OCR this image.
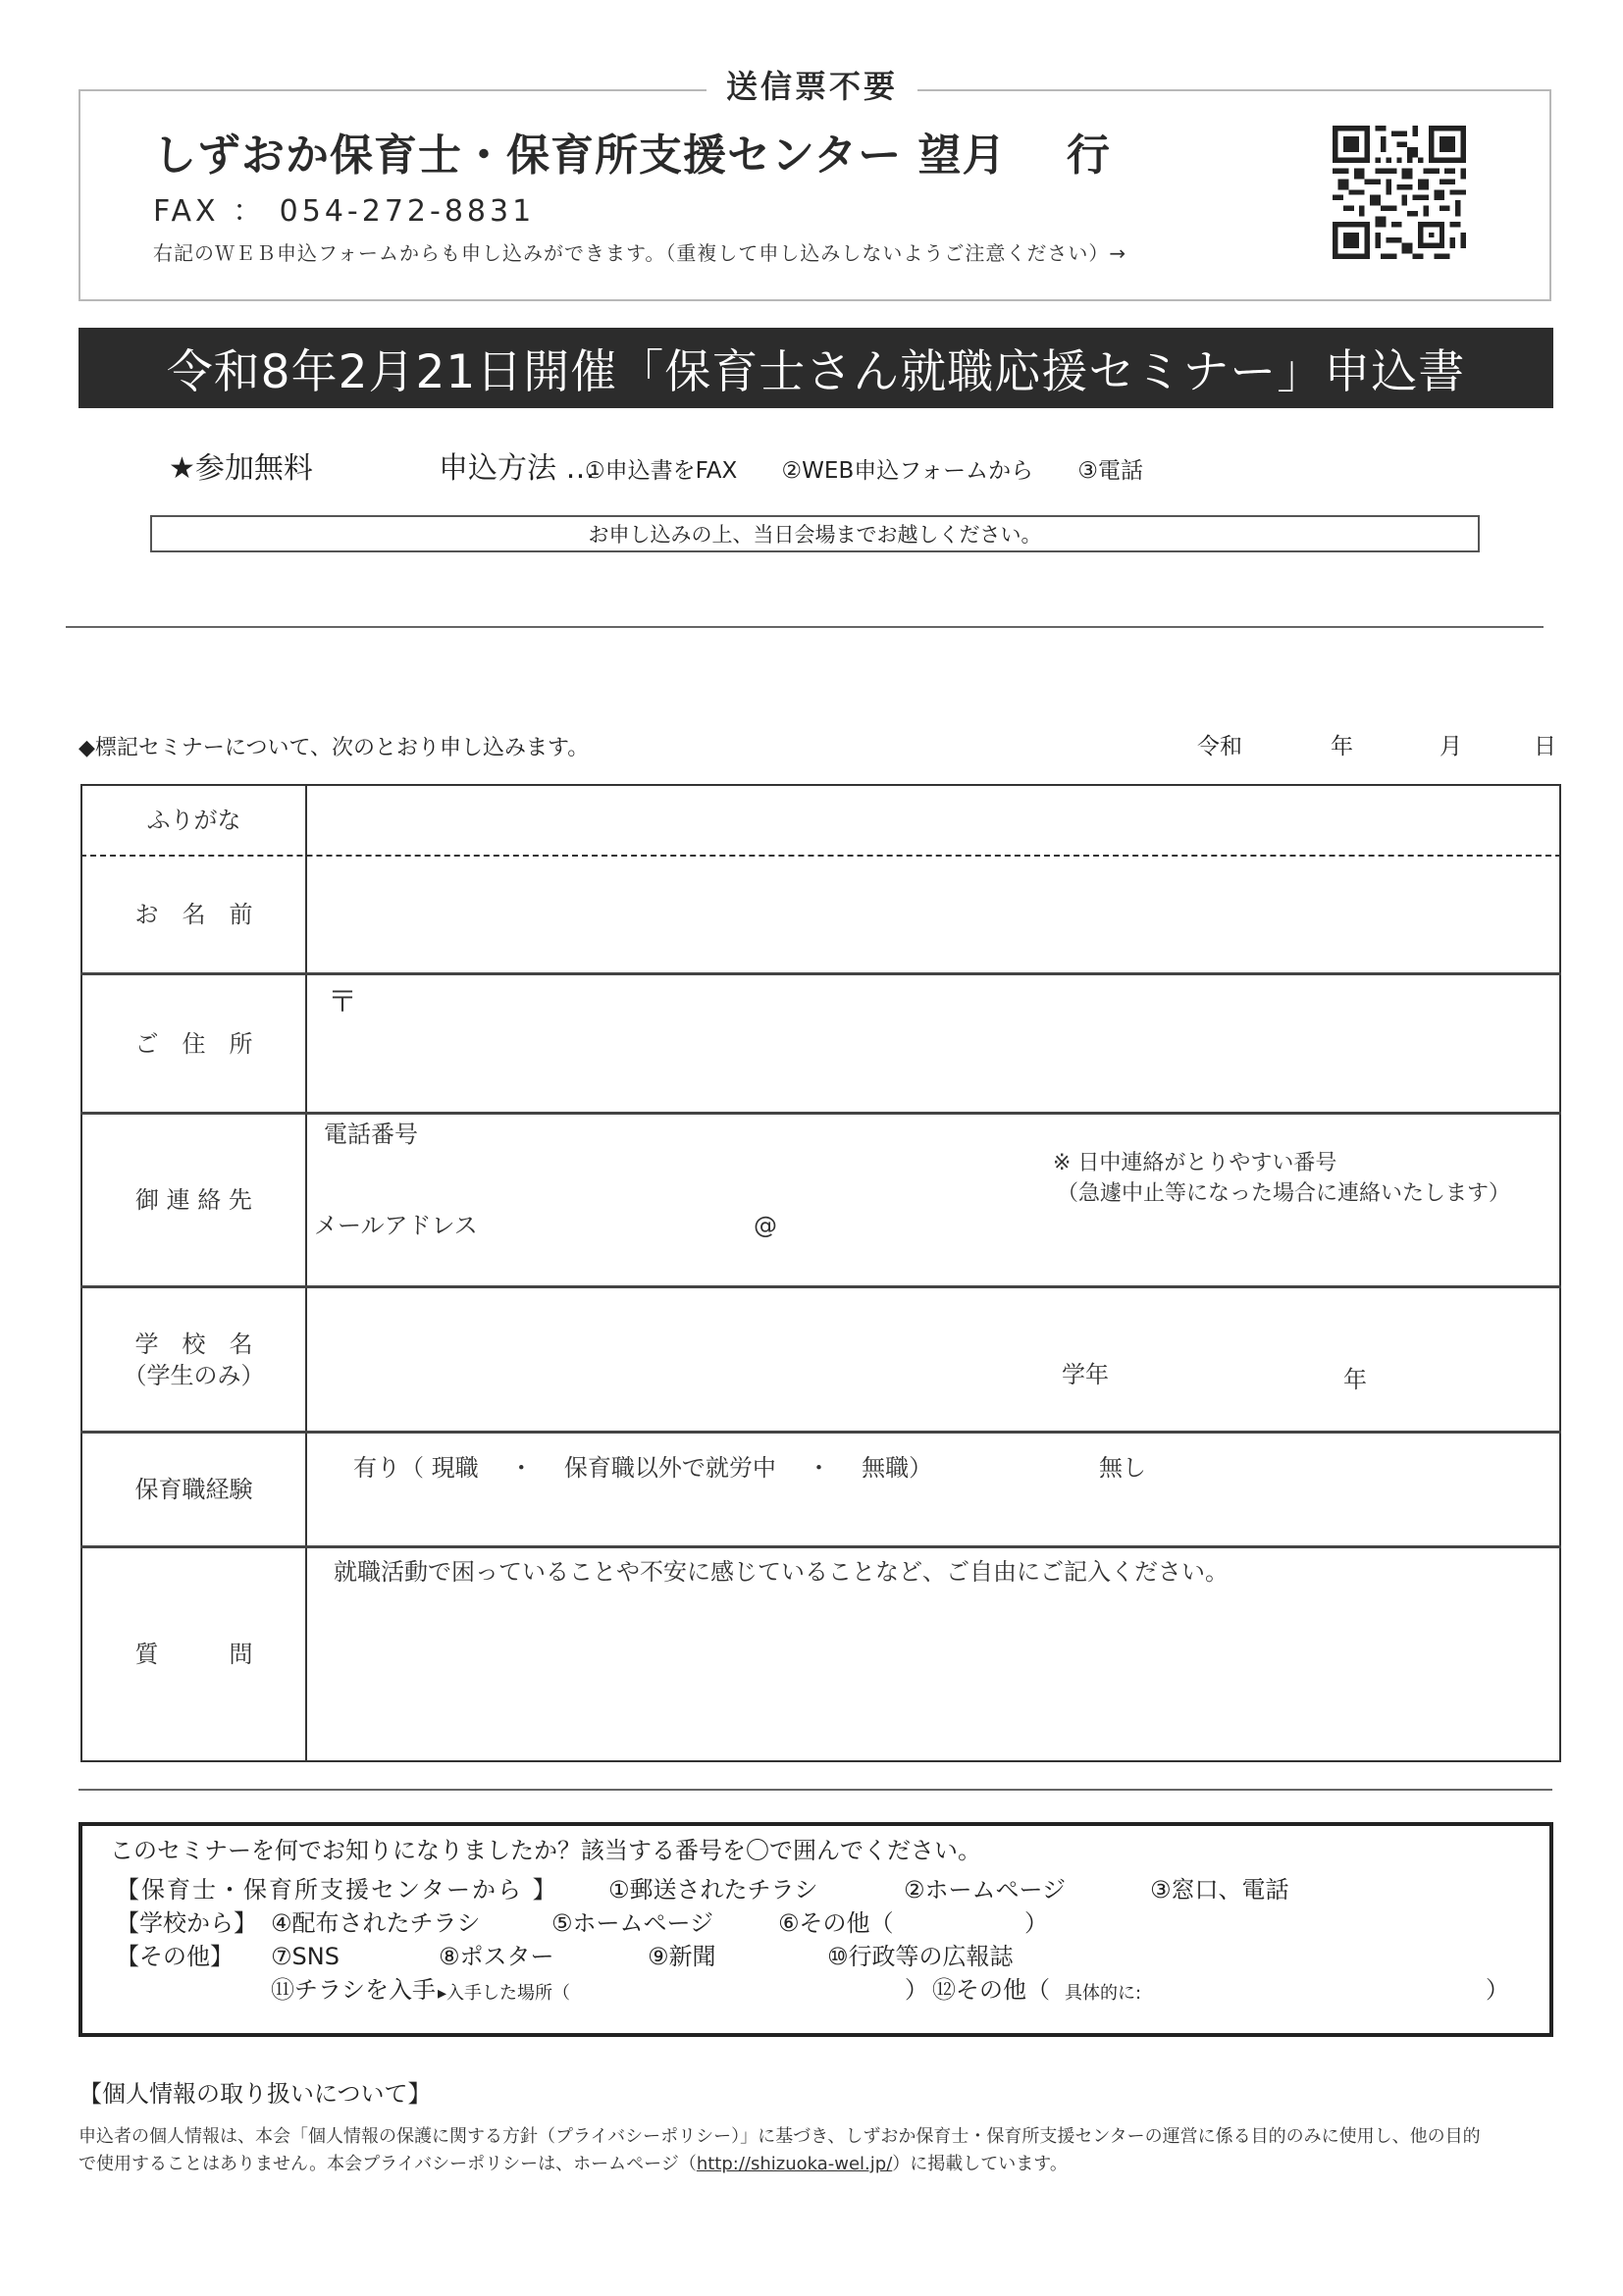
送信票不要
しずおか保育士・保育所支援センター 望月　 行
FAX ： 054-272-8831
右記のＷＥＢ申込フォームからも申し込みができます。（重複して申し込みしないようご注意ください）→
令和8年2月21日開催「保育士さん就職応援セミナー」申込書
★参加無料	申込方法 …
①申込書をFAX ②WEB申込フォームから ③電話
お申し込みの上、当日会場までお越しください。
◆標記セミナーについて、次のとおり申し込みます。	令和	年	月	日
ふりがな
お　名　前
ご　住　所
〒
御 連 絡 先
電話番号
※ 日中連絡がとりやすい番号
（急遽中止等になった場合に連絡いたします）
メールアドレス	@
学　校　名
（学生のみ）	学年	年
保育職経験
有り（ 現職　 ・　 保育職以外で就労中　 ・　 無職）	無し
質　　　問
就職活動で困っていることや不安に感じていることなど、ご自由にご記入ください。
このセミナーを何でお知りになりましたか？該当する番号を〇で囲んでください。
【保育士・保育所支援センターから 】 ①郵送されたチラシ	②ホームページ	③窓口、電話
【学校から】 ④配布されたチラシ	⑤ホームページ	⑥その他（	）
【その他】 ⑦SNS	⑧ポスター	⑨新聞	⑩行政等の広報誌
⑪チラシを入手 ▸入手した場所（	） ⑫その他（ 具体的に:	）
【個人情報の取り扱いについて】
申込者の個人情報は、本会「個人情報の保護に関する方針（プライバシーポリシー）」に基づき、しずおか保育士・保育所支援センターの運営に係る目的のみに使用し、他の目的
で使用することはありません。本会プライバシーポリシーは、ホームページ（http://shizuoka-wel.jp/）に掲載しています。
